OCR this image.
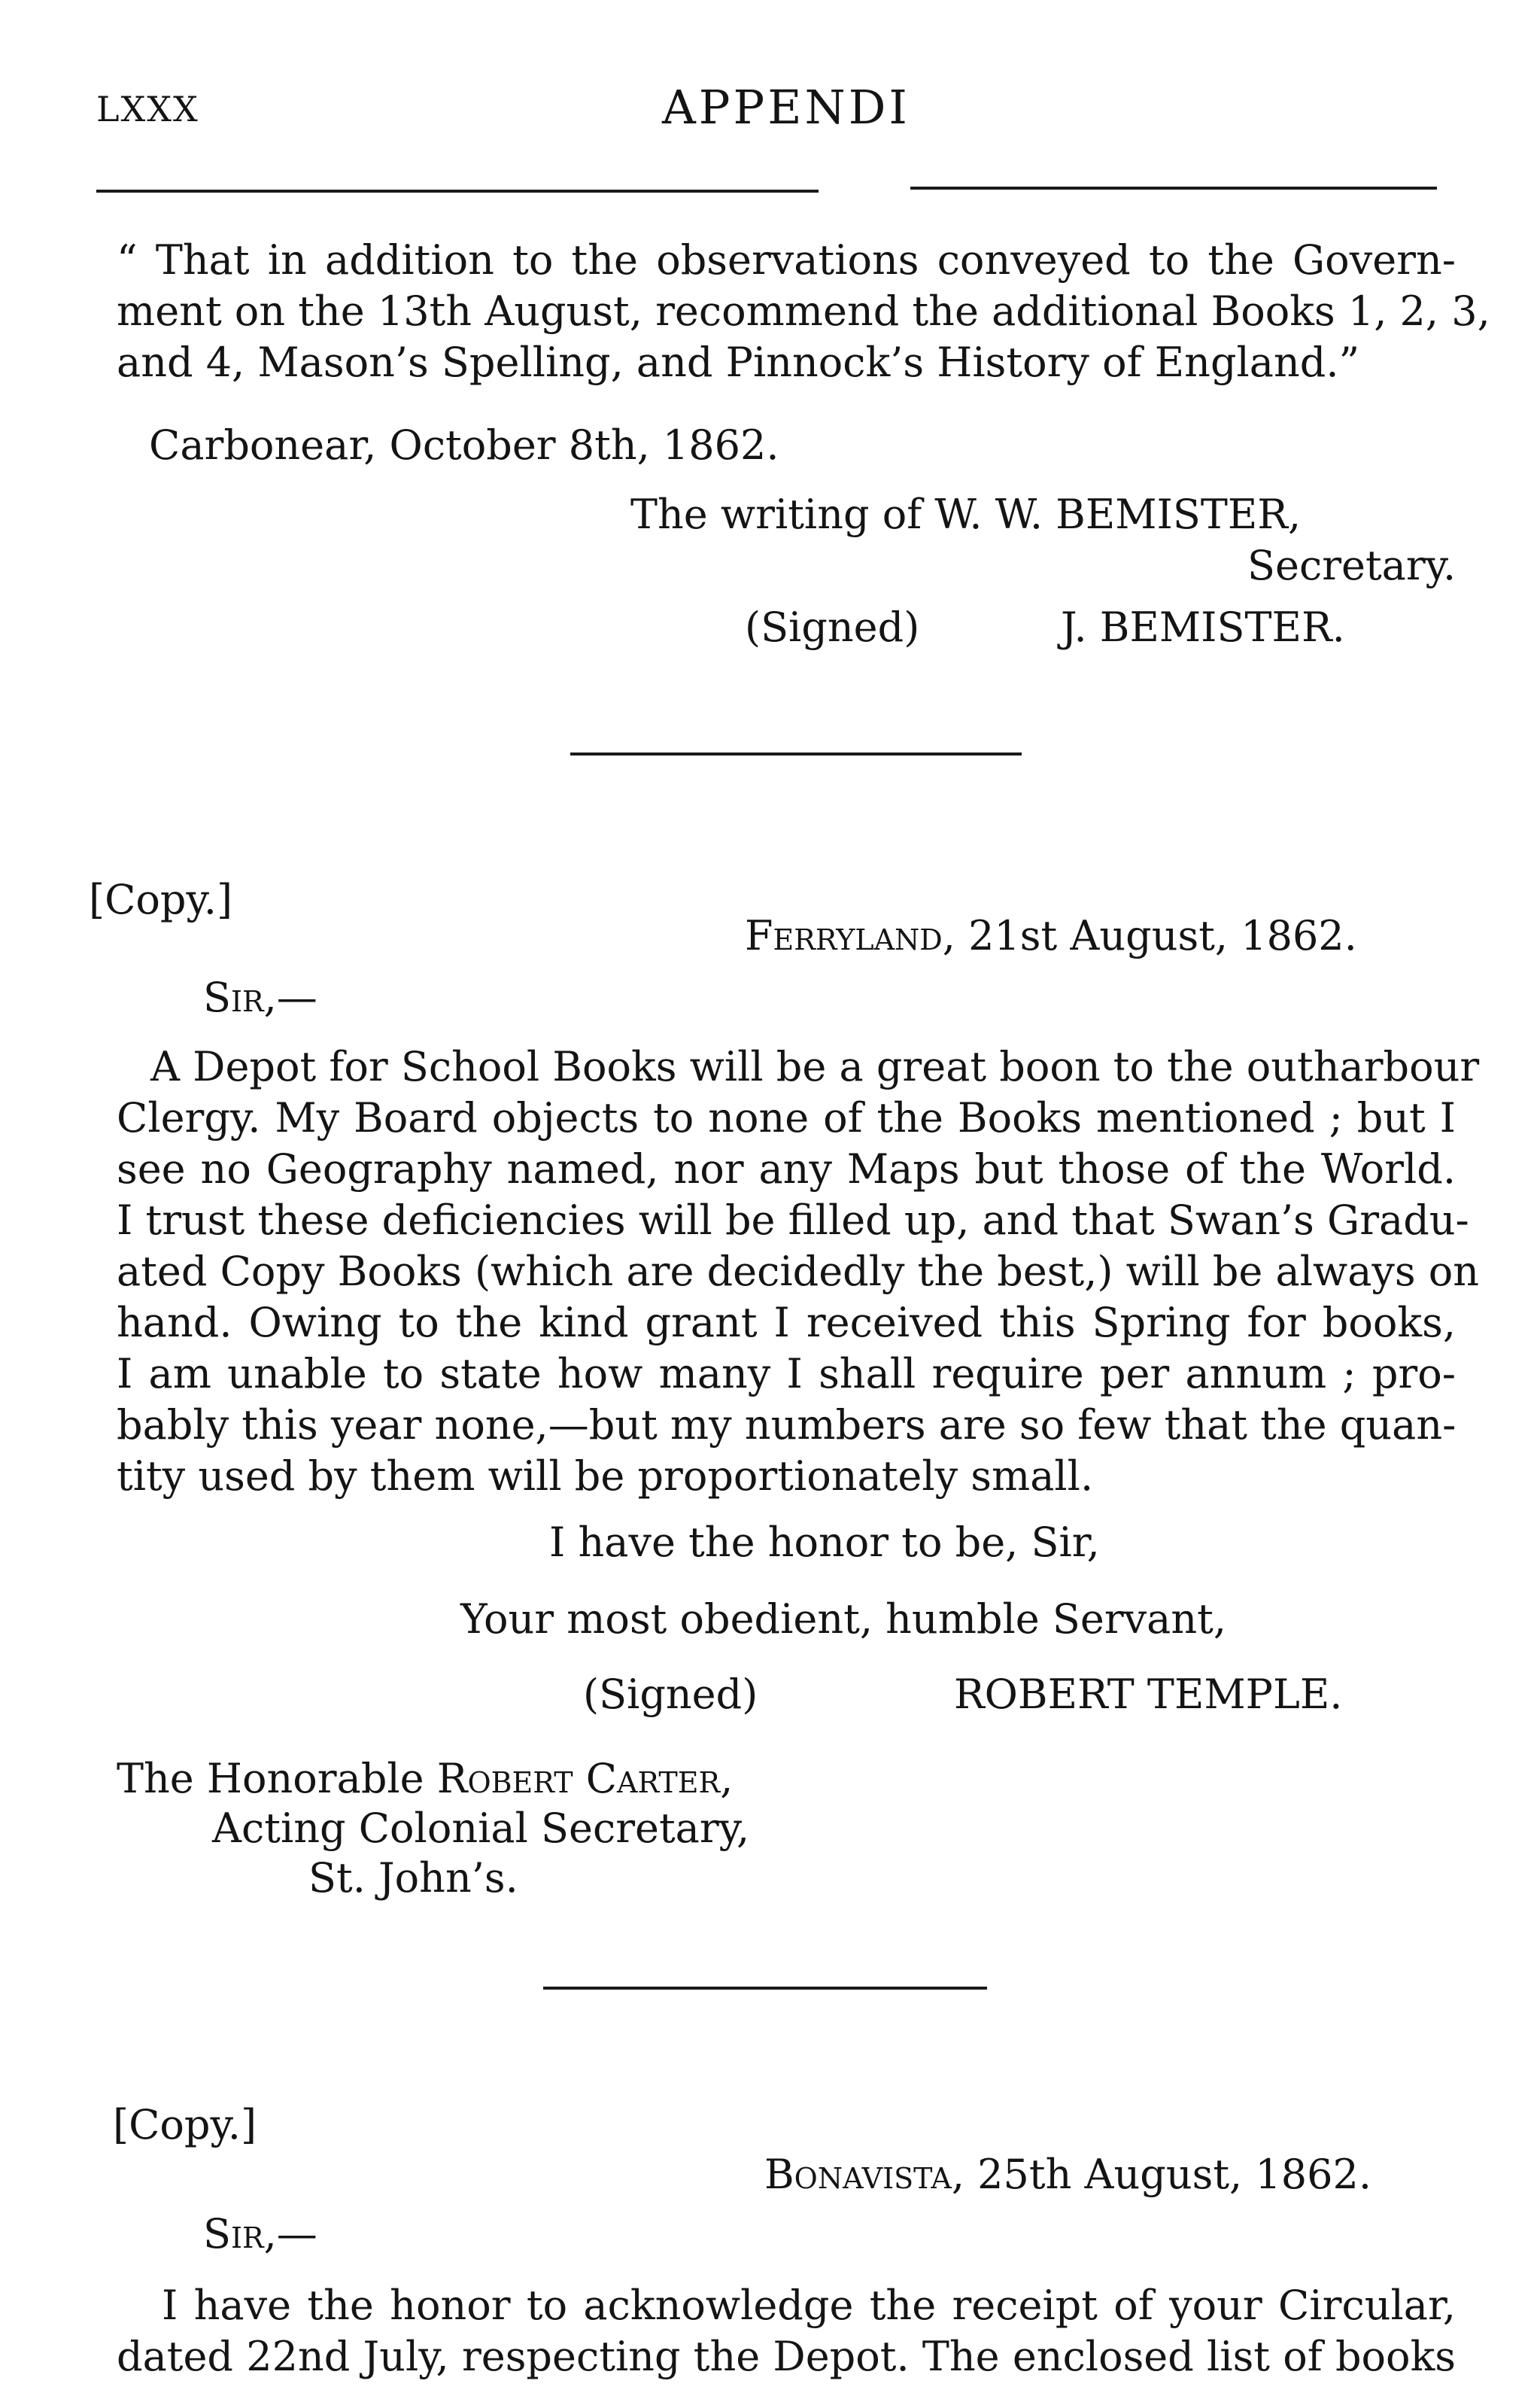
LXXX	APPENDI
“ That in addition to the observations conveyed to the Govern-
ment on the 13th August, recommend the additional Books 1, 2, 3,
and 4, Mason’s Spelling, and Pinnock’s History of England.”
Carbonear, October 8th, 1862.
The writing of W. W. BEMISTER,
Secretary.
(Signed)	J. BEMISTER.
[Copy.]
Ferryland, 21st August, 1862.
Sir,—
A Depot for School Books will be a great boon to the outharbour
Clergy. My Board objects to none of the Books mentioned ; but I
see no Geography named, nor any Maps but those of the World.
I trust these deficiencies will be filled up, and that Swan’s Gradu-
ated Copy Books (which are decidedly the best,) will be always on
hand. Owing to the kind grant I received this Spring for books,
I am unable to state how many I shall require per annum ; pro-
bably this year none,—but my numbers are so few that the quan-
tity used by them will be proportionately small.
I have the honor to be, Sir,
Your most obedient, humble Servant,
(Signed)	ROBERT TEMPLE.
The Honorable Robert Carter,
Acting Colonial Secretary,
St. John’s.
[Copy.]
Bonavista, 25th August, 1862.
Sir,—
I have the honor to acknowledge the receipt of your Circular,
dated 22nd July, respecting the Depot. The enclosed list of books
